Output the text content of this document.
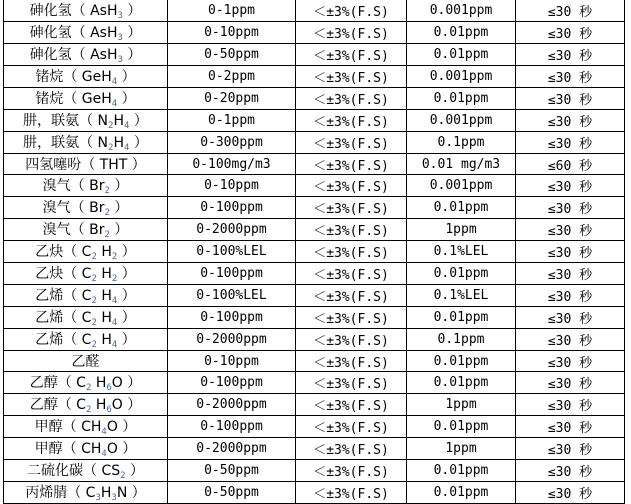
砷化氢（ AsH$_3$ ）	0-1ppm	＜±3%(F.S)	0.001ppm	≤30 秒
砷化氢（ AsH$_3$ ）	0-10ppm	＜±3%(F.S)	0.01ppm	≤30 秒
砷化氢（ AsH$_3$ ）	0-50ppm	＜±3%(F.S)	0.01ppm	≤30 秒
锗烷（ GeH$_4$ ）	0-2ppm	＜±3%(F.S)	0.001ppm	≤30 秒
锗烷（ GeH$_4$ ）	0-20ppm	＜±3%(F.S)	0.01ppm	≤30 秒
肼，联氨（ $N_2H_4$ ）	0-1ppm	＜±3%(F.S)	0.001ppm	≤30 秒
肼，联氨（ $N_2H_4$ ）	0-300ppm	＜±3%(F.S)	0.1ppm	≤30 秒
四氢噻吩（ THT ）	0-100mg/m3	＜±3%(F.S)	0.01 mg/m3	≤60 秒
溴气（ $Br_2$ ）	0-10ppm	＜±3%(F.S)	0.001ppm	≤30 秒
溴气（ $Br_2$ ）	0-100ppm	＜±3%(F.S)	0.01ppm	≤30 秒
溴气（ $Br_2$ ）	0-2000ppm	＜±3%(F.S)	1ppm	≤30 秒
乙炔（ $C_2$ $H_2$ ）	0-100%LEL	＜±3%(F.S)	0.1%LEL	≤30 秒
乙炔（ $C_2$ $H_2$ ）	0-100ppm	＜±3%(F.S)	0.01ppm	≤30 秒
乙烯（ $C_2$ $H_4$ ）	0-100%LEL	＜±3%(F.S)	0.1%LEL	≤30 秒
乙烯（ $C_2$ $H_4$ ）	0-100ppm	＜±3%(F.S)	0.01ppm	≤30 秒
乙烯（ $C_2$ $H_4$ ）	0-2000ppm	＜±3%(F.S)	0.1ppm	≤30 秒
乙醛	0-10ppm	＜±3%(F.S)	0.01ppm	≤30 秒
乙醇（ $C_2$ $H_6O$ ）	0-100ppm	＜±3%(F.S)	0.01ppm	≤30 秒
乙醇（ $C_2$ $H_6O$ ）	0-2000ppm	＜±3%(F.S)	1ppm	≤30 秒
甲醇（ $CH_4O$ ）	0-100ppm	＜±3%(F.S)	0.01ppm	≤30 秒
甲醇（ $CH_4O$ ）	0-2000ppm	＜±3%(F.S)	1ppm	≤30 秒
二硫化碳（ $CS_2$ ）	0-50ppm	＜±3%(F.S)	0.01ppm	≤30 秒
丙烯腈（ $C_3H_3N$ ）	0-50ppm	＜±3%(F.S)	0.01ppm	≤30 秒
